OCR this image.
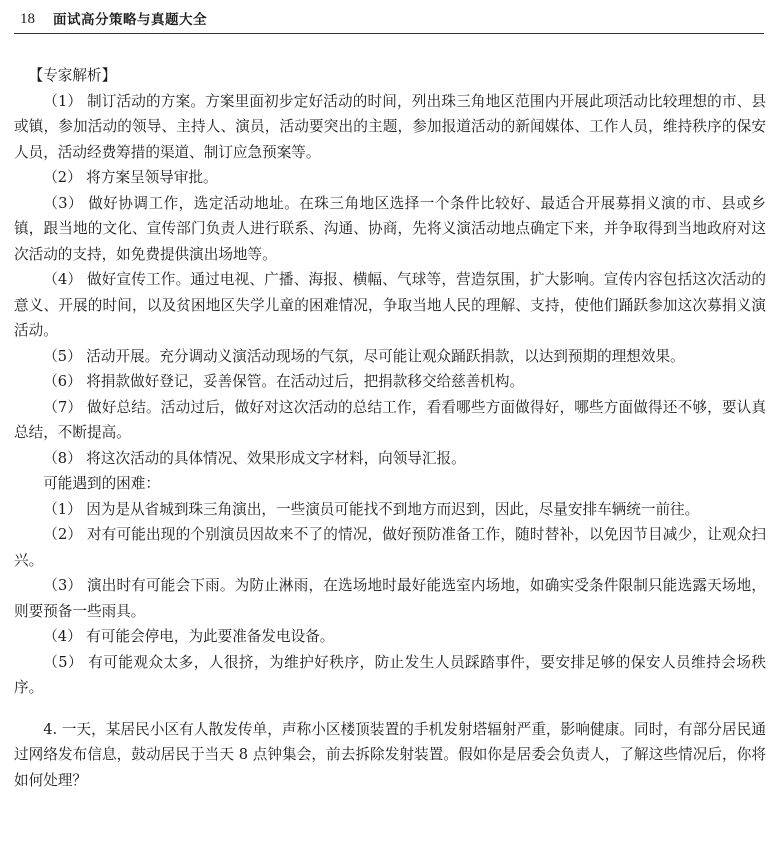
18 面试高分策略与真题大全

【专家解析】

（1） 制订活动的方案。方案里面初步定好活动的时间，列出珠三角地区范围内开展此项活动比较理想的市、县或镇，参加活动的领导、主持人、演员，活动要突出的主题，参加报道活动的新闻媒体、工作人员，维持秩序的保安人员，活动经费筹措的渠道、制订应急预案等。

（2） 将方案呈领导审批。

（3） 做好协调工作，选定活动地址。在珠三角地区选择一个条件比较好、最适合开展募捐义演的市、县或乡镇，跟当地的文化、宣传部门负责人进行联系、沟通、协商，先将义演活动地点确定下来，并争取得到当地政府对这次活动的支持，如免费提供演出场地等。

（4） 做好宣传工作。通过电视、广播、海报、横幅、气球等，营造氛围，扩大影响。宣传内容包括这次活动的意义、开展的时间，以及贫困地区失学儿童的困难情况，争取当地人民的理解、支持，使他们踊跃参加这次募捐义演活动。

（5） 活动开展。充分调动义演活动现场的气氛，尽可能让观众踊跃捐款，以达到预期的理想效果。

（6） 将捐款做好登记，妥善保管。在活动过后，把捐款移交给慈善机构。

（7） 做好总结。活动过后，做好对这次活动的总结工作，看看哪些方面做得好，哪些方面做得还不够，要认真总结，不断提高。

（8） 将这次活动的具体情况、效果形成文字材料，向领导汇报。

可能遇到的困难：

（1） 因为是从省城到珠三角演出，一些演员可能找不到地方而迟到，因此，尽量安排车辆统一前往。

（2） 对有可能出现的个别演员因故来不了的情况，做好预防准备工作，随时替补，以免因节目减少，让观众扫兴。

（3） 演出时有可能会下雨。为防止淋雨，在选场地时最好能选室内场地，如确实受条件限制只能选露天场地，则要预备一些雨具。

（4） 有可能会停电，为此要准备发电设备。

（5） 有可能观众太多，人很挤，为维护好秩序，防止发生人员踩踏事件，要安排足够的保安人员维持会场秩序。

4. 一天，某居民小区有人散发传单，声称小区楼顶装置的手机发射塔辐射严重，影响健康。同时，有部分居民通过网络发布信息，鼓动居民于当天 8 点钟集会，前去拆除发射装置。假如你是居委会负责人，了解这些情况后，你将如何处理？
